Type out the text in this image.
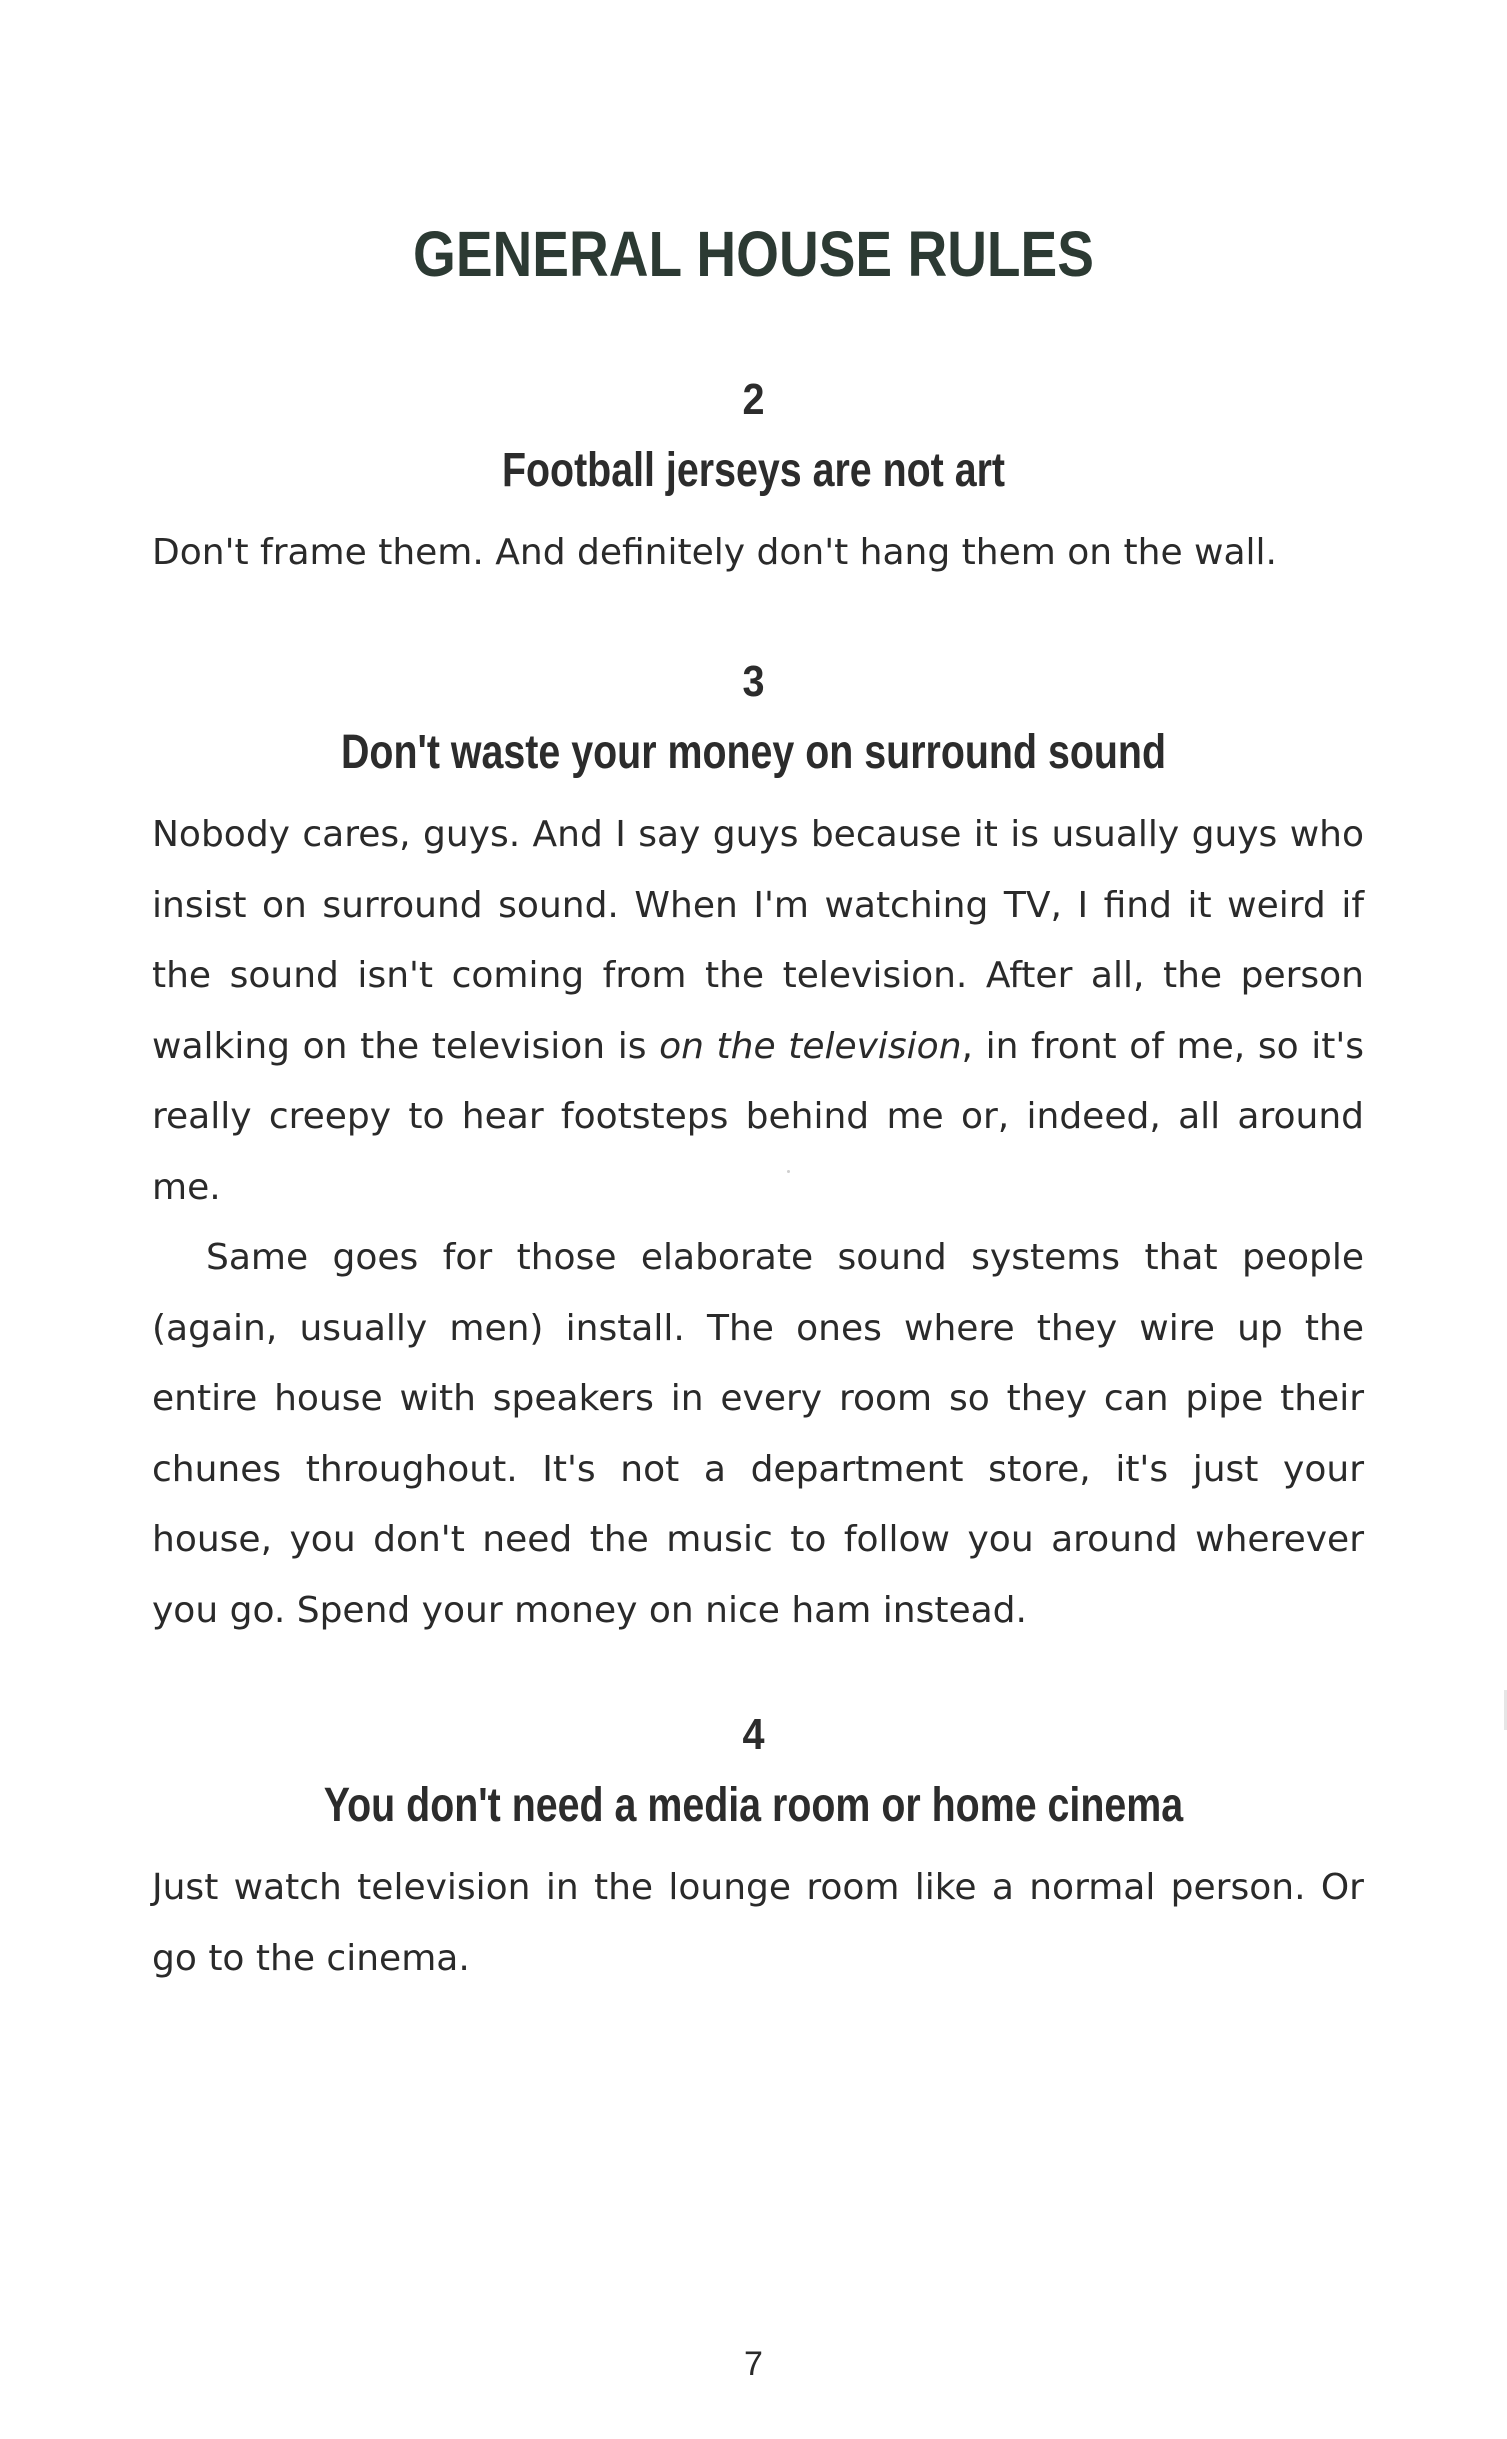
GENERAL HOUSE RULES
2
Football jerseys are not art

Don't frame them. And definitely don't hang them on the wall.

3
Don't waste your money on surround sound

Nobody cares, guys. And I say guys because it is usually guys who insist on surround sound. When I'm watching TV, I find it weird if the sound isn't coming from the television. After all, the person walking on the television is on the television, in front of me, so it's really creepy to hear footsteps behind me or, indeed, all around me.

Same goes for those elaborate sound systems that people (again, usually men) install. The ones where they wire up the entire house with speakers in every room so they can pipe their chunes throughout. It's not a department store, it's just your house, you don't need the music to follow you around wherever you go. Spend your money on nice ham instead.

4
You don't need a media room or home cinema

Just watch television in the lounge room like a normal person. Or go to the cinema.

7
